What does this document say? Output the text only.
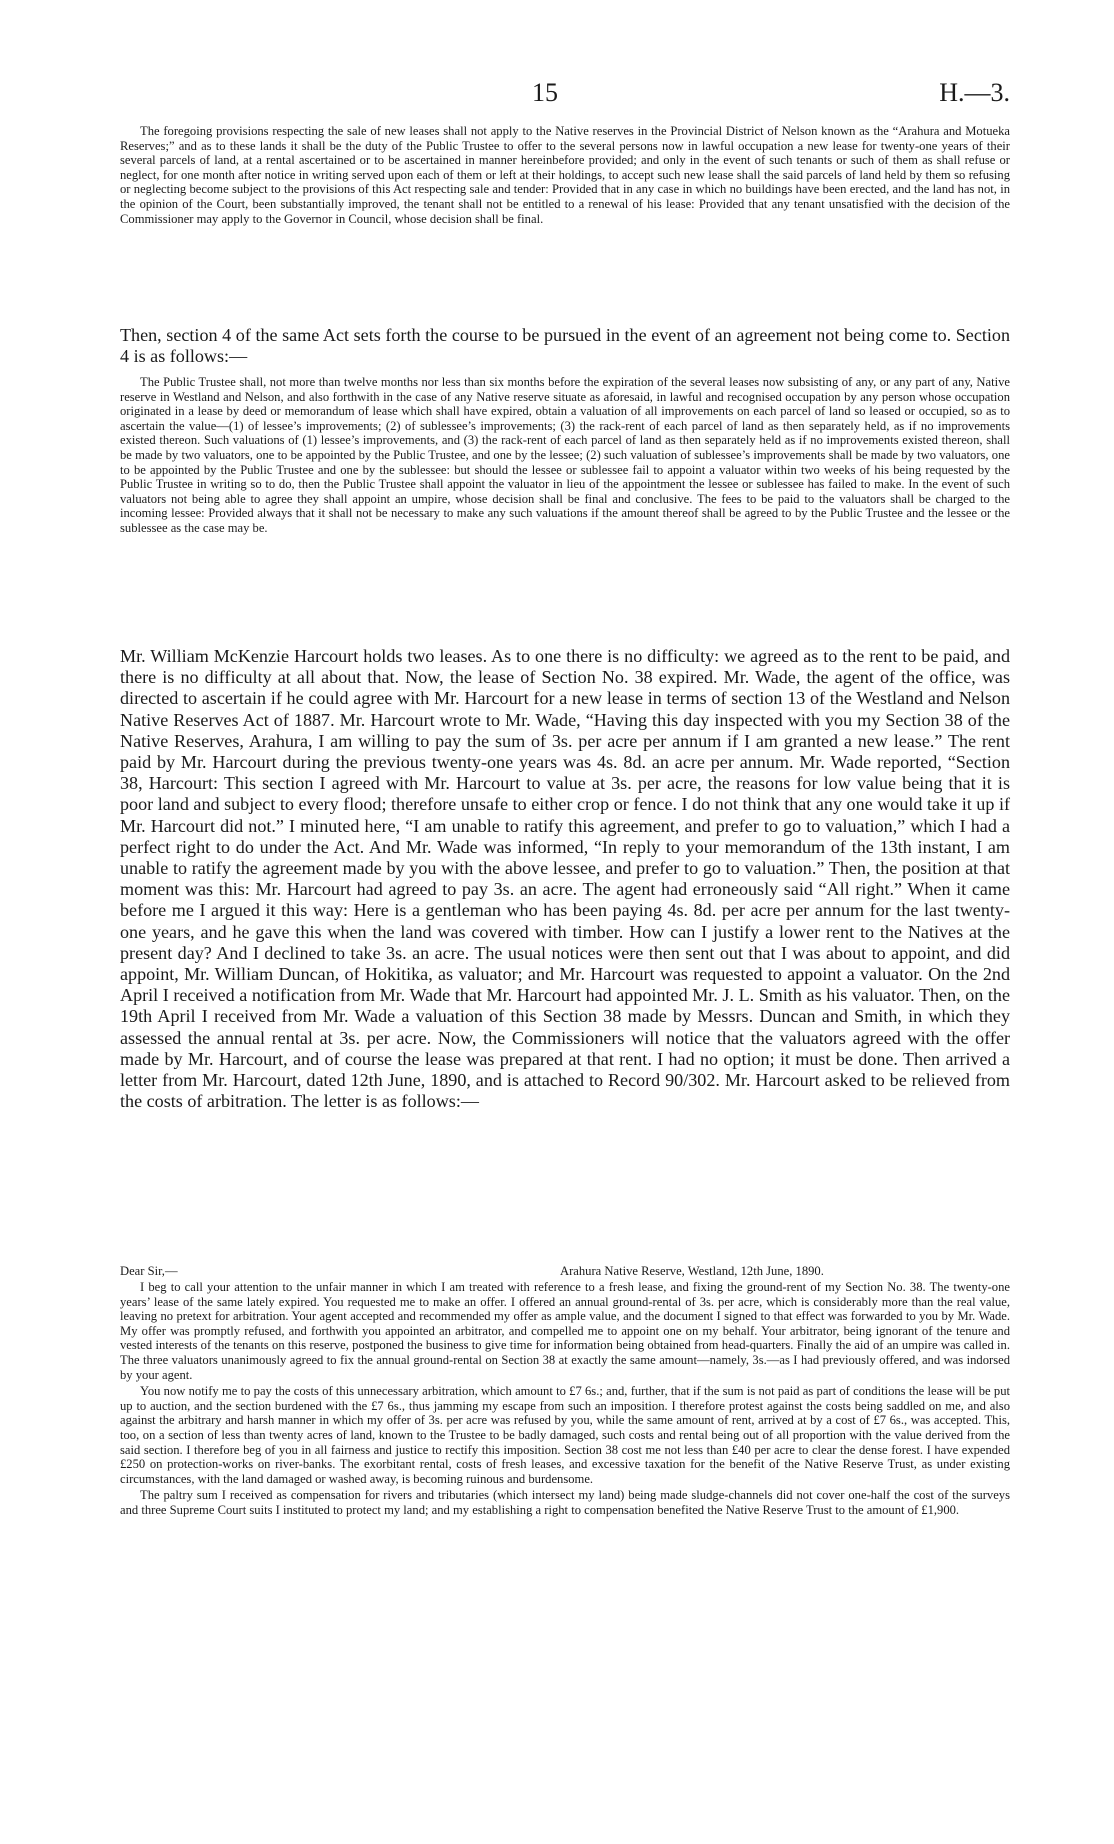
15	H.—3.

The foregoing provisions respecting the sale of new leases shall not apply to the Native reserves in the Provincial District of Nelson known as the “Arahura and Motueka Reserves;” and as to these lands it shall be the duty of the Public Trustee to offer to the several persons now in lawful occupation a new lease for twenty-one years of their several parcels of land, at a rental ascertained or to be ascertained in manner hereinbefore provided; and only in the event of such tenants or such of them as shall refuse or neglect, for one month after notice in writing served upon each of them or left at their holdings, to accept such new lease shall the said parcels of land held by them so refusing or neglecting become subject to the provisions of this Act respecting sale and tender: Provided that in any case in which no buildings have been erected, and the land has not, in the opinion of the Court, been substantially improved, the tenant shall not be entitled to a renewal of his lease: Provided that any tenant unsatisfied with the decision of the Commissioner may apply to the Governor in Council, whose decision shall be final.

Then, section 4 of the same Act sets forth the course to be pursued in the event of an agreement not being come to. Section 4 is as follows:—

The Public Trustee shall, not more than twelve months nor less than six months before the expiration of the several leases now subsisting of any, or any part of any, Native reserve in Westland and Nelson, and also forthwith in the case of any Native reserve situate as aforesaid, in lawful and recognised occupation by any person whose occupation originated in a lease by deed or memorandum of lease which shall have expired, obtain a valuation of all improvements on each parcel of land so leased or occupied, so as to ascertain the value—(1) of lessee’s improvements; (2) of sublessee’s improvements; (3) the rack-rent of each parcel of land as then separately held, as if no improvements existed thereon. Such valuations of (1) lessee’s improvements, and (3) the rack-rent of each parcel of land as then separately held as if no improvements existed thereon, shall be made by two valuators, one to be appointed by the Public Trustee, and one by the lessee; (2) such valuation of sublessee’s improvements shall be made by two valuators, one to be appointed by the Public Trustee and one by the sublessee: but should the lessee or sublessee fail to appoint a valuator within two weeks of his being requested by the Public Trustee in writing so to do, then the Public Trustee shall appoint the valuator in lieu of the appointment the lessee or sublessee has failed to make. In the event of such valuators not being able to agree they shall appoint an umpire, whose decision shall be final and conclusive. The fees to be paid to the valuators shall be charged to the incoming lessee: Provided always that it shall not be necessary to make any such valuations if the amount thereof shall be agreed to by the Public Trustee and the lessee or the sublessee as the case may be.

Mr. William McKenzie Harcourt holds two leases. As to one there is no difficulty: we agreed as to the rent to be paid, and there is no difficulty at all about that. Now, the lease of Section No. 38 expired. Mr. Wade, the agent of the office, was directed to ascertain if he could agree with Mr. Harcourt for a new lease in terms of section 13 of the Westland and Nelson Native Reserves Act of 1887. Mr. Harcourt wrote to Mr. Wade, “Having this day inspected with you my Section 38 of the Native Reserves, Arahura, I am willing to pay the sum of 3s. per acre per annum if I am granted a new lease.” The rent paid by Mr. Harcourt during the previous twenty-one years was 4s. 8d. an acre per annum. Mr. Wade reported, “Section 38, Harcourt: This section I agreed with Mr. Harcourt to value at 3s. per acre, the reasons for low value being that it is poor land and subject to every flood; therefore unsafe to either crop or fence. I do not think that any one would take it up if Mr. Harcourt did not.” I minuted here, “I am unable to ratify this agreement, and prefer to go to valuation,” which I had a perfect right to do under the Act. And Mr. Wade was informed, “In reply to your memorandum of the 13th instant, I am unable to ratify the agreement made by you with the above lessee, and prefer to go to valuation.” Then, the position at that moment was this: Mr. Harcourt had agreed to pay 3s. an acre. The agent had erroneously said “All right.” When it came before me I argued it this way: Here is a gentleman who has been paying 4s. 8d. per acre per annum for the last twenty-one years, and he gave this when the land was covered with timber. How can I justify a lower rent to the Natives at the present day? And I declined to take 3s. an acre. The usual notices were then sent out that I was about to appoint, and did appoint, Mr. William Duncan, of Hokitika, as valuator; and Mr. Harcourt was requested to appoint a valuator. On the 2nd April I received a notification from Mr. Wade that Mr. Harcourt had appointed Mr. J. L. Smith as his valuator. Then, on the 19th April I received from Mr. Wade a valuation of this Section 38 made by Messrs. Duncan and Smith, in which they assessed the annual rental at 3s. per acre. Now, the Commissioners will notice that the valuators agreed with the offer made by Mr. Harcourt, and of course the lease was prepared at that rent. I had no option; it must be done. Then arrived a letter from Mr. Harcourt, dated 12th June, 1890, and is attached to Record 90/302. Mr. Harcourt asked to be relieved from the costs of arbitration. The letter is as follows:—

Dear Sir,—	Arahura Native Reserve, Westland, 12th June, 1890.

I beg to call your attention to the unfair manner in which I am treated with reference to a fresh lease, and fixing the ground-rent of my Section No. 38. The twenty-one years’ lease of the same lately expired. You requested me to make an offer. I offered an annual ground-rental of 3s. per acre, which is considerably more than the real value, leaving no pretext for arbitration. Your agent accepted and recommended my offer as ample value, and the document I signed to that effect was forwarded to you by Mr. Wade. My offer was promptly refused, and forthwith you appointed an arbitrator, and compelled me to appoint one on my behalf. Your arbitrator, being ignorant of the tenure and vested interests of the tenants on this reserve, postponed the business to give time for information being obtained from head-quarters. Finally the aid of an umpire was called in. The three valuators unanimously agreed to fix the annual ground-rental on Section 38 at exactly the same amount—namely, 3s.—as I had previously offered, and was indorsed by your agent.

You now notify me to pay the costs of this unnecessary arbitration, which amount to £7 6s.; and, further, that if the sum is not paid as part of conditions the lease will be put up to auction, and the section burdened with the £7 6s., thus jamming my escape from such an imposition. I therefore protest against the costs being saddled on me, and also against the arbitrary and harsh manner in which my offer of 3s. per acre was refused by you, while the same amount of rent, arrived at by a cost of £7 6s., was accepted. This, too, on a section of less than twenty acres of land, known to the Trustee to be badly damaged, such costs and rental being out of all proportion with the value derived from the said section. I therefore beg of you in all fairness and justice to rectify this imposition. Section 38 cost me not less than £40 per acre to clear the dense forest. I have expended £250 on protection-works on river-banks. The exorbitant rental, costs of fresh leases, and excessive taxation for the benefit of the Native Reserve Trust, as under existing circumstances, with the land damaged or washed away, is becoming ruinous and burdensome.

The paltry sum I received as compensation for rivers and tributaries (which intersect my land) being made sludge-channels did not cover one-half the cost of the surveys and three Supreme Court suits I instituted to protect my land; and my establishing a right to compensation benefited the Native Reserve Trust to the amount of £1,900.
